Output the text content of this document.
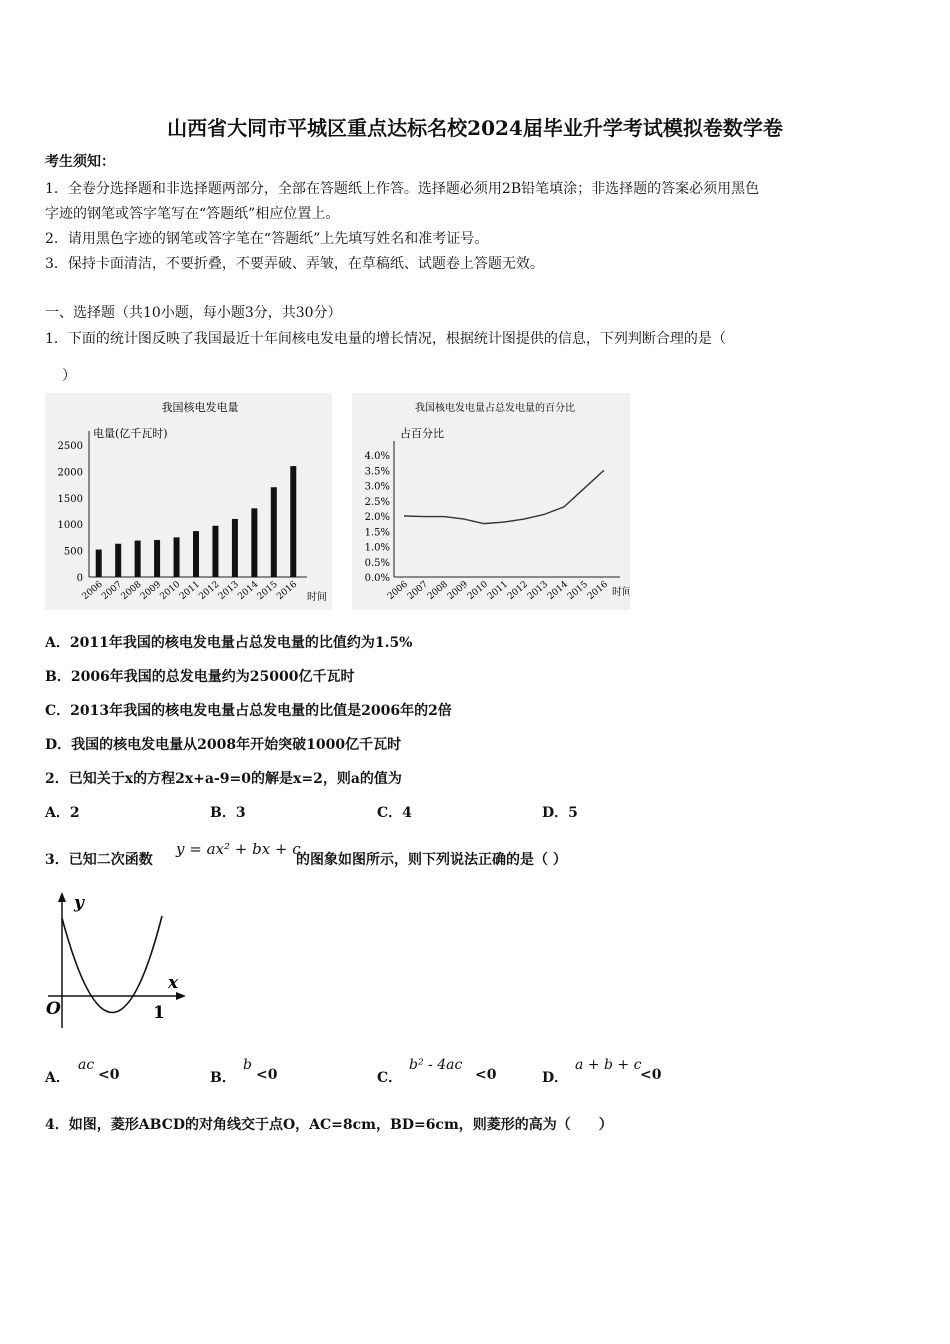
山西省大同市平城区重点达标名校2024届毕业升学考试模拟卷数学卷
考生须知：
1．全卷分选择题和非选择题两部分，全部在答题纸上作答。选择题必须用2B铅笔填涂；非选择题的答案必须用黑色
字迹的钢笔或答字笔写在“答题纸”相应位置上。
2．请用黑色字迹的钢笔或答字笔在“答题纸”上先填写姓名和准考证号。
3．保持卡面清洁，不要折叠，不要弄破、弄皱，在草稿纸、试题卷上答题无效。
一、选择题（共10小题，每小题3分，共30分）
1．下面的统计图反映了我国最近十年间核电发电量的增长情况，根据统计图提供的信息，下列判断合理的是（
）
我国核电发电量
电量(亿千瓦时)
时间
0
500
1000
1500
2000
2500
2006
2007
2008
2009
2010
2011
2012
2013
2014
2015
2016
我国核电发电量占总发电量的百分比
占百分比
0.0%
0.5%
1.0%
1.5%
2.0%
2.5%
3.0%
3.5%
4.0%
2006
2007
2008
2009
2010
2011
2012
2013
2014
2015
2016 时间
A．2011年我国的核电发电量占总发电量的比值约为1.5%
B．2006年我国的总发电量约为25000亿千瓦时
C．2013年我国的核电发电量占总发电量的比值是2006年的2倍
D．我国的核电发电量从2008年开始突破1000亿千瓦时
2．已知关于x的方程2x+a-9=0的解是x=2，则a的值为
A．2	B．3	C．4	D．5
3．已知二次函数
y = ax² + bx + c
的图象如图所示，则下列说法正确的是（ ）
y
x
O	1
A．
ac
<0	B．
b
<0	C．
b² - 4ac
<0	D．
a + b + c
<0
4．如图，菱形ABCD的对角线交于点O，AC=8cm，BD=6cm，则菱形的高为（　　）
